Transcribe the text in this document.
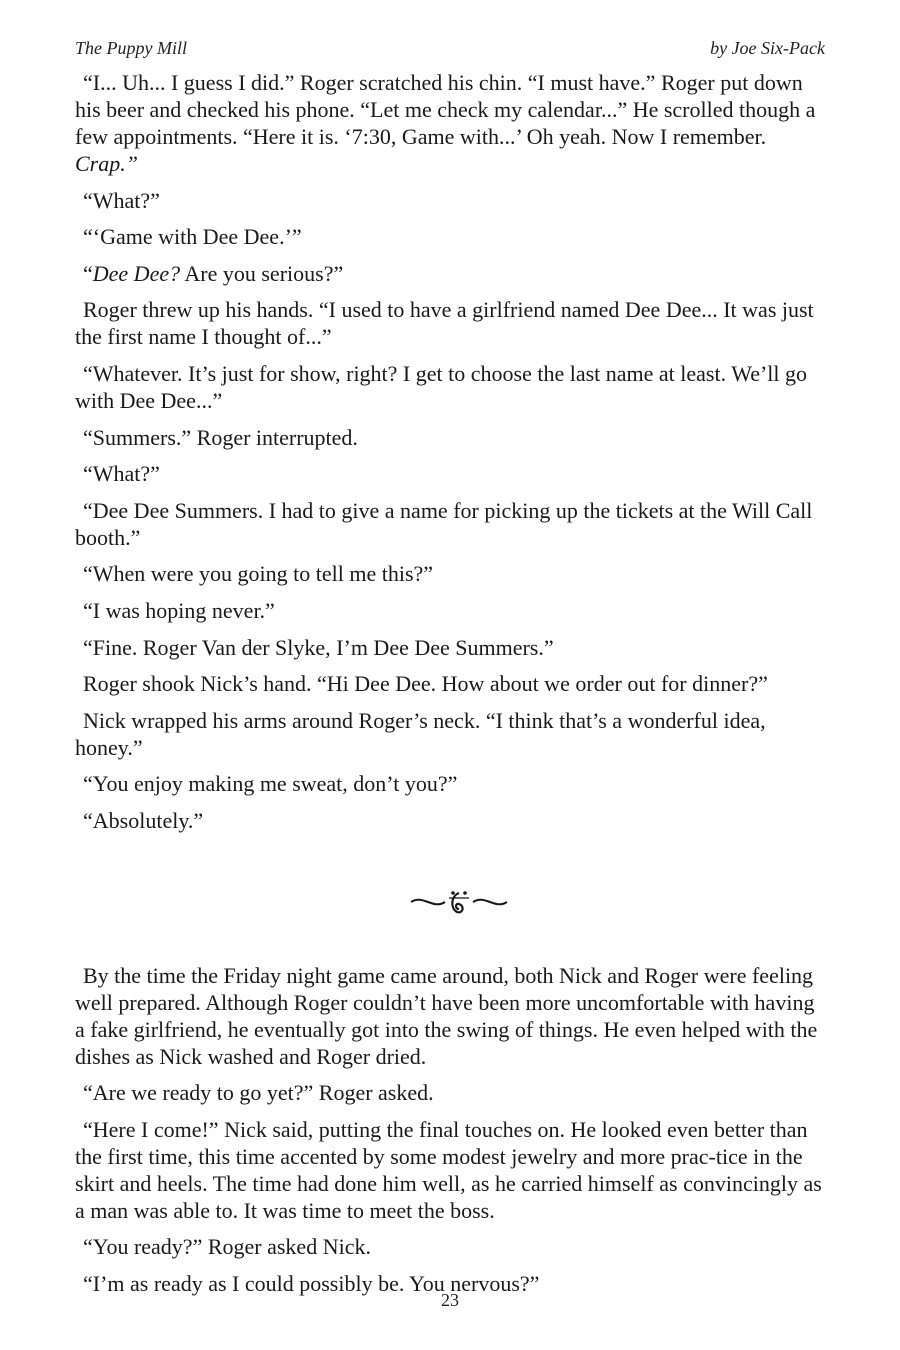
The Puppy Mill	by Joe Six-Pack

“I... Uh... I guess I did.” Roger scratched his chin. “I must have.” Roger put down his beer and checked his phone. “Let me check my calendar...” He scrolled though a few appointments. “Here it is. ‘7:30, Game with...’ Oh yeah. Now I remember. Crap.”

“What?”

“‘Game with Dee Dee.’”

“Dee Dee? Are you serious?”

Roger threw up his hands. “I used to have a girlfriend named Dee Dee... It was just the first name I thought of...”

“Whatever. It’s just for show, right? I get to choose the last name at least. We’ll go with Dee Dee...”

“Summers.” Roger interrupted.

“What?”

“Dee Dee Summers. I had to give a name for picking up the tickets at the Will Call booth.”

“When were you going to tell me this?”

“I was hoping never.”

“Fine. Roger Van der Slyke, I’m Dee Dee Summers.”

Roger shook Nick’s hand. “Hi Dee Dee. How about we order out for dinner?”

Nick wrapped his arms around Roger’s neck. “I think that’s a wonderful idea, honey.”

“You enjoy making me sweat, don’t you?”

“Absolutely.”

By the time the Friday night game came around, both Nick and Roger were feeling well prepared. Although Roger couldn’t have been more uncomfortable with having a fake girlfriend, he eventually got into the swing of things. He even helped with the dishes as Nick washed and Roger dried.

“Are we ready to go yet?” Roger asked.

“Here I come!” Nick said, putting the final touches on. He looked even better than the first time, this time accented by some modest jewelry and more prac-tice in the skirt and heels. The time had done him well, as he carried himself as convincingly as a man was able to. It was time to meet the boss.

“You ready?” Roger asked Nick.

“I’m as ready as I could possibly be. You nervous?”

23
